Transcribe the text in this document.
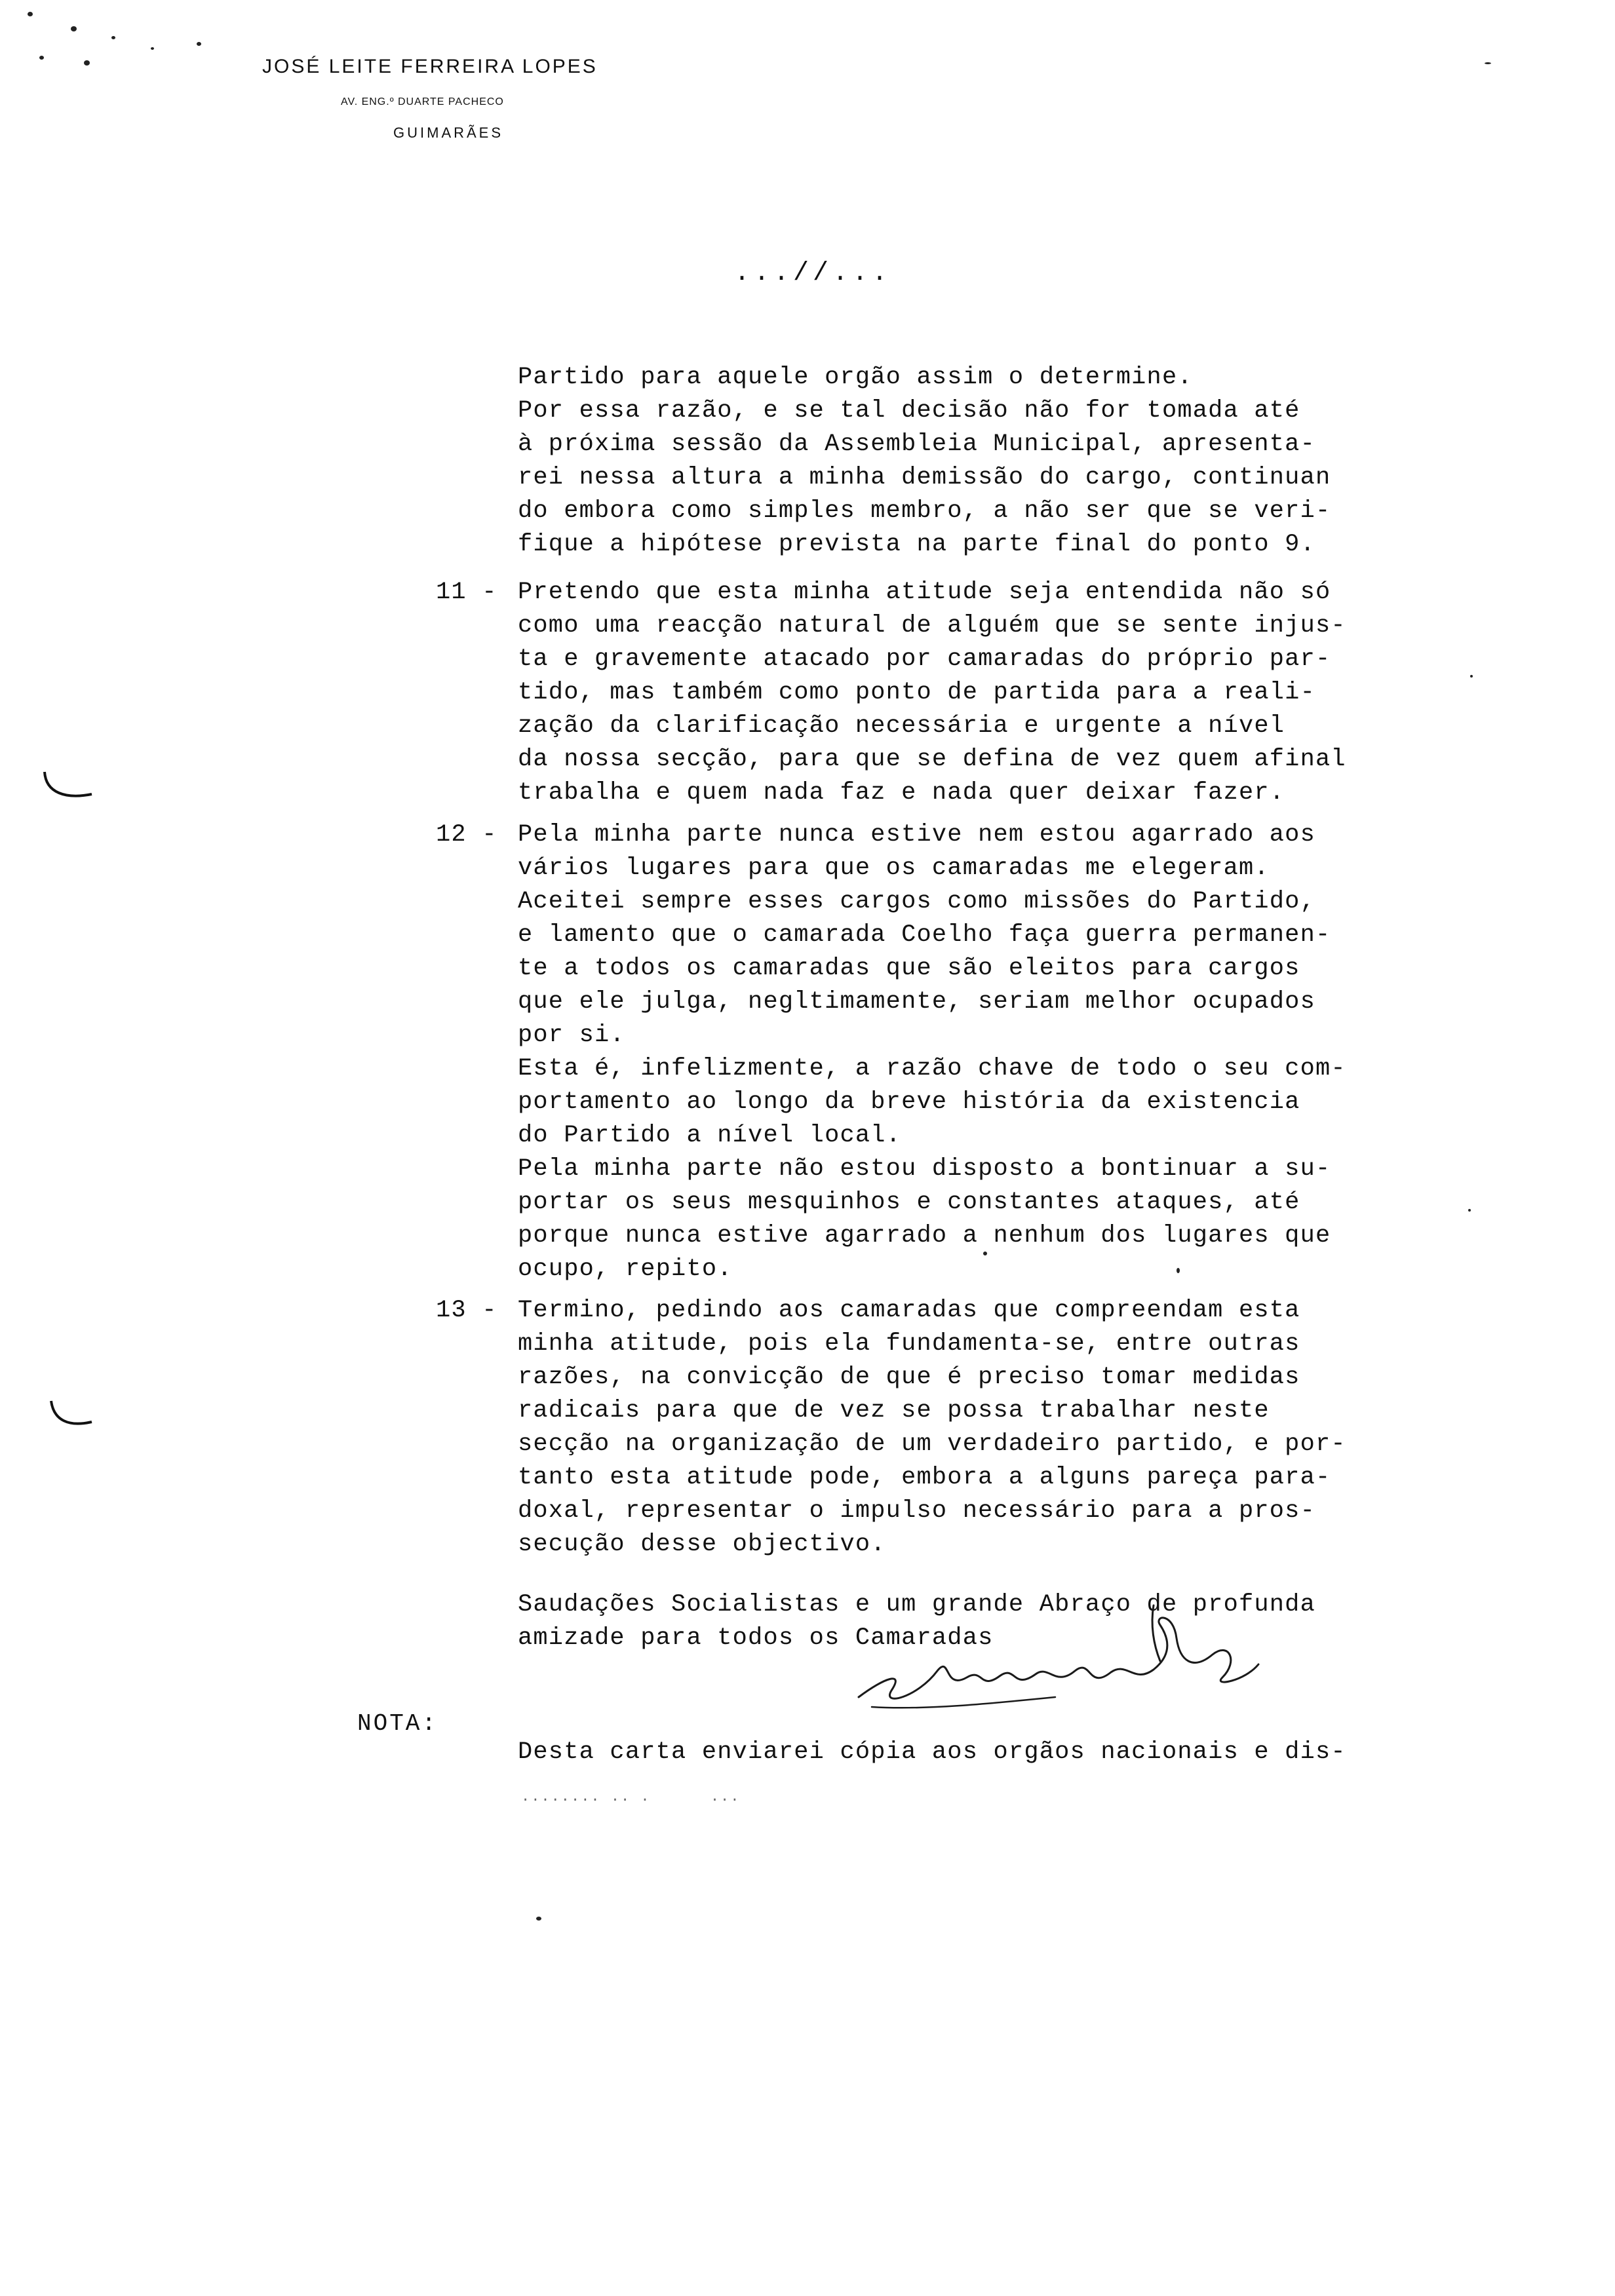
JOSÉ LEITE FERREIRA LOPES
AV. ENG.º DUARTE PACHECO
GUIMARÃES
...//...
Partido para aquele orgão assim o determine.
Por essa razão, e se tal decisão não for tomada até
à próxima sessão da Assembleia Municipal, apresenta-
rei nessa altura a minha demissão do cargo, continuan
do embora como simples membro, a não ser que se veri-
fique a hipótese prevista na parte final do ponto 9.
11 - Pretendo que esta minha atitude seja entendida não só
como uma reacção natural de alguém que se sente injus-
ta e gravemente atacado por camaradas do próprio par-
tido, mas também como ponto de partida para a reali-
zação da clarificação necessária e urgente a nível
da nossa secção, para que se defina de vez quem afinal
trabalha e quem nada faz e nada quer deixar fazer.
12 - Pela minha parte nunca estive nem estou agarrado aos
vários lugares para que os camaradas me elegeram.
Aceitei sempre esses cargos como missões do Partido,
e lamento que o camarada Coelho faça guerra permanen-
te a todos os camaradas que são eleitos para cargos
que ele julga, negltimamente, seriam melhor ocupados
por si.
Esta é, infelizmente, a razão chave de todo o seu com-
portamento ao longo da breve história da existencia
do Partido a nível local.
Pela minha parte não estou disposto a bontinuar a su-
portar os seus mesquinhos e constantes ataques, até
porque nunca estive agarrado a nenhum dos lugares que
ocupo, repito.
13 - Termino, pedindo aos camaradas que compreendam esta
minha atitude, pois ela fundamenta-se, entre outras
razões, na convicção de que é preciso tomar medidas
radicais para que de vez se possa trabalhar neste
secção na organização de um verdadeiro partido, e por-
tanto esta atitude pode, embora a alguns pareça para-
doxal, representar o impulso necessário para a pros-
secução desse objectivo.
Saudações Socialistas e um grande Abraço de profunda
amizade para todos os Camaradas
NOTA:
Desta carta enviarei cópia aos orgãos nacionais e dis-
........ .. .      ...
